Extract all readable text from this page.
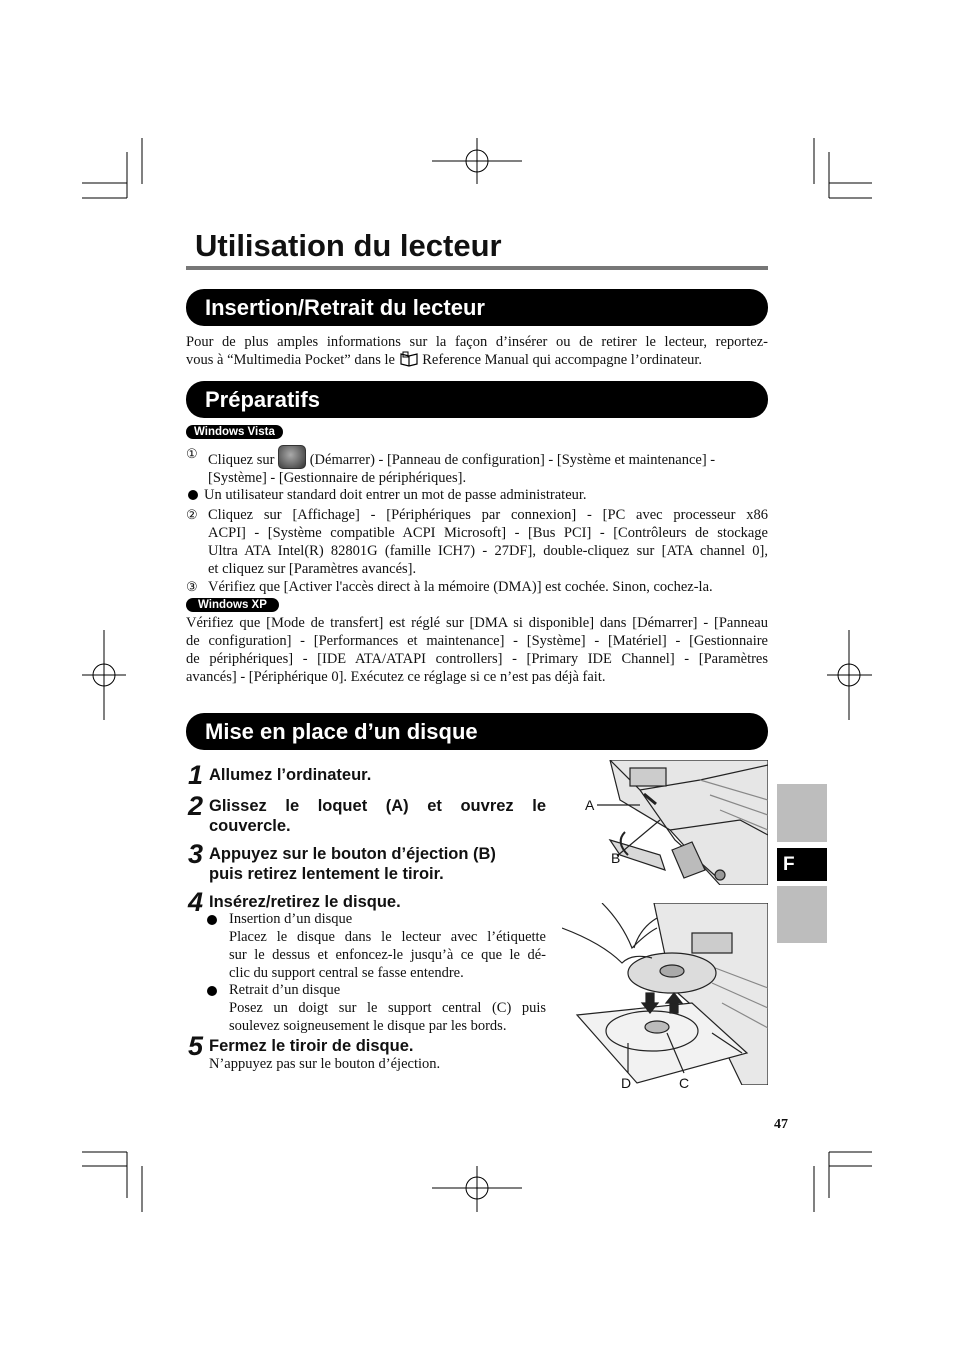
Utilisation du lecteur
Insertion/Retrait du lecteur
Pour de plus amples informations sur la façon d’insérer ou de retirer le lecteur, reportez-
vous à “Multimedia Pocket” dans le Reference Manual qui accompagne l’ordinateur.
Préparatifs
Windows Vista
① Cliquez sur (Démarrer) - [Panneau de configuration] - [Système et maintenance] -
[Système] - [Gestionnaire de périphériques].
Un utilisateur standard doit entrer un mot de passe administrateur.
② Cliquez sur [Affichage] - [Périphériques par connexion] - [PC avec processeur x86
ACPI] - [Système compatible ACPI Microsoft] - [Bus PCI] - [Contrôleurs de stockage
Ultra ATA Intel(R) 82801G (famille ICH7) - 27DF], double-cliquez sur [ATA channel 0],
et cliquez sur [Paramètres avancés].
③ Vérifiez que [Activer l'accès direct à la mémoire (DMA)] est cochée. Sinon, cochez-la.
Windows XP
Vérifiez que [Mode de transfert] est réglé sur [DMA si disponible] dans [Démarrer] - [Panneau
de configuration] - [Performances et maintenance] - [Système] - [Matériel] - [Gestionnaire
de périphériques] - [IDE ATA/ATAPI controllers] - [Primary IDE Channel] - [Paramètres
avancés] - [Périphérique 0]. Exécutez ce réglage si ce n’est pas déjà fait.
Mise en place d’un disque
1 Allumez l’ordinateur.
2 Glissez le loquet (A) et ouvrez le
couvercle.
3 Appuyez sur le bouton d’éjection (B)
puis retirez lentement le tiroir.
4 Insérez/retirez le disque.
Insertion d’un disque
Placez le disque dans le lecteur avec l’étiquette
sur le dessus et enfoncez-le jusqu’à ce que le dé-
clic du support central se fasse entendre.
Retrait d’un disque
Posez un doigt sur le support central (C) puis
soulevez soigneusement le disque par les bords.
5 Fermez le tiroir de disque.
N’appuyez pas sur le bouton d’éjection.
A
B
D	C
F
47
